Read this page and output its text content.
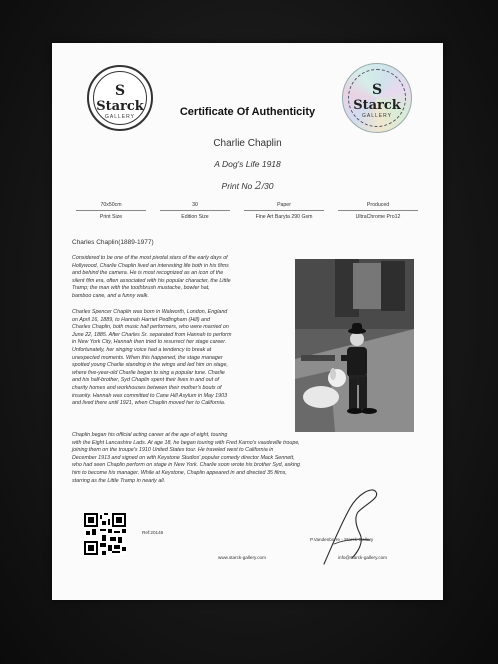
S
Starck
GALLERY
S
Starck
GALLERY
Certificate Of Authenticity
Charlie Chaplin
A Dog's Life 1918
Print No 2/30
70x50cm
Print Size
30
Edition Size
Paper
Fine Art Baryta 290 Gsm
Produced
UltraChrome Pro12
Charles Chaplin(1889-1977)
Considered to be one of the most pivotal stars of the early days of
Hollywood, Charlie Chaplin lived an interesting life both in his films
and behind the camera. He is most recognized as an icon of the
silent film era, often associated with his popular character, the Little
Tramp; the man with the toothbrush mustache, bowler hat,
bamboo cane, and a funny walk.
Charles Spencer Chaplin was born in Walworth, London, England
on April 16, 1889, to Hannah Harriet Pedlingham (Hill) and
Charles Chaplin, both music hall performers, who were married on
June 22, 1885. After Charles Sr. separated from Hannah to perform
in New York City, Hannah then tried to resurrect her stage career.
Unfortunately, her singing voice had a tendency to break at
unexpected moments. When this happened, the stage manager
spotted young Charlie standing in the wings and led him on stage,
where five-year-old Charlie began to sing a popular tune. Charlie
and his half-brother, Syd Chaplin spent their lives in and out of
charity homes and workhouses between their mother's bouts of
insanity. Hannah was committed to Cane Hill Asylum in May 1903
and lived there until 1921, when Chaplin moved her to California.
Chaplin began his official acting career at the age of eight, touring
with the Eight Lancashire Lads. At age 18, he began touring with Fred Karno's vaudeville troupe,
joining them on the troupe's 1910 United States tour. He traveled west to California in
December 1913 and signed on with Keystone Studios' popular comedy director Mack Sennett,
who had seen Chaplin perform on stage in New York. Charlie soon wrote his brother Syd, asking
him to become his manager. While at Keystone, Chaplin appeared in and directed 35 films,
starring as the Little Tramp in nearly all.
Ref:20146
www.starck-gallery.com
P.Vandenborre - Starck-Gallery
info@starck-gallery.com
